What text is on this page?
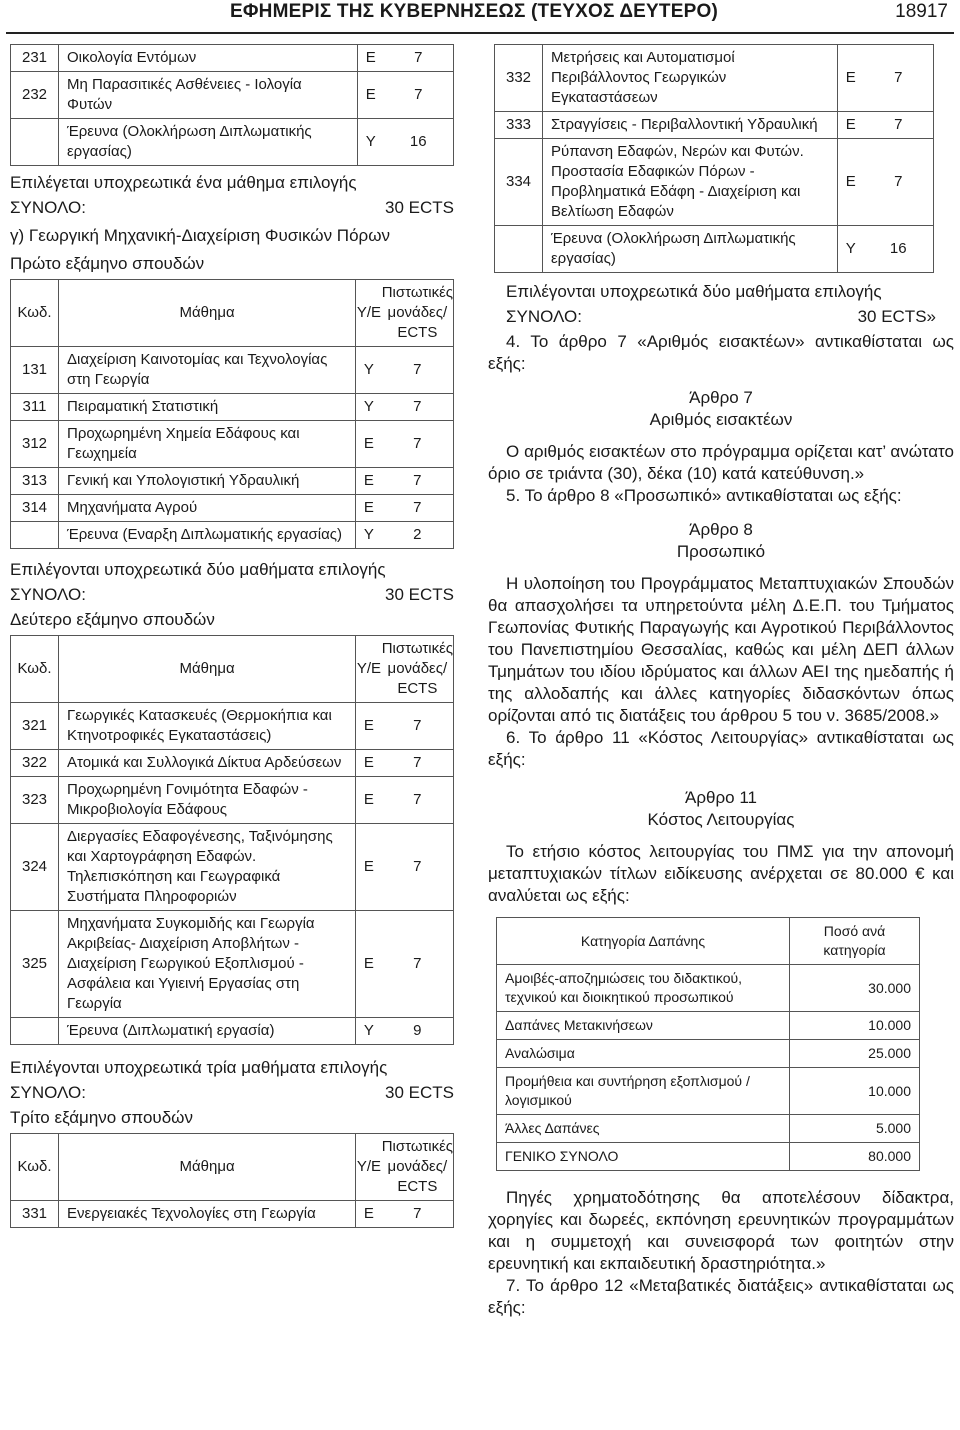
ΕΦΗΜΕΡΙΣ ΤΗΣ ΚΥΒΕΡΝΗΣΕΩΣ (ΤΕΥΧΟΣ ΔΕΥΤΕΡΟ)	18917
231	Οικολογία Εντόμων	Ε	7
232	Μη Παρασιτικές Ασθένειες - Ιολογία Φυτών	Ε	7
	Έρευνα (Ολοκλήρωση Διπλωματικής εργασίας)	Υ	16

Επιλέγεται υποχρεωτικά ένα μάθημα επιλογής

ΣΥΝΟΛΟ:	30 ECTS

γ) Γεωργική Μηχανική-Διαχείριση Φυσικών Πόρων

Πρώτο εξάμηνο σπουδών

Κωδ.	Μάθημα	Υ/Ε	Πιστωτικές μονάδες/ ECTS
131	Διαχείριση Καινοτομίας και Τεχνολογίας στη Γεωργία	Υ	7
311	Πειραματική Στατιστική	Υ	7
312	Προχωρημένη Χημεία Εδάφους και Γεωχημεία	Ε	7
313	Γενική και Υπολογιστική Υδραυλική	Ε	7
314	Μηχανήματα Αγρού	Ε	7
	Έρευνα (Εναρξη Διπλωματικής εργασίας)	Υ	2

Επιλέγονται υποχρεωτικά δύο μαθήματα επιλογής

ΣΥΝΟΛΟ:	30 ECTS

Δεύτερο εξάμηνο σπουδών

Κωδ.	Μάθημα	Υ/Ε	Πιστωτικές μονάδες/ ECTS
321	Γεωργικές Κατασκευές (Θερμοκήπια και Κτηνοτροφικές Εγκαταστάσεις)	Ε	7
322	Ατομικά και Συλλογικά Δίκτυα Αρδεύσεων	Ε	7
323	Προχωρημένη Γονιμότητα Εδαφών - Μικροβιολογία Εδάφους	Ε	7
324	Διεργασίες Εδαφογένεσης, Ταξινόμησης και Χαρτογράφηση Εδαφών. Τηλεπισκόπηση και Γεωγραφικά Συστήματα Πληροφοριών	Ε	7
325	Μηχανήματα Συγκομιδής και Γεωργία Ακριβείας- Διαχείριση Αποβλήτων - Διαχείριση Γεωργικού Εξοπλισμού - Ασφάλεια και Υγιεινή Εργασίας στη Γεωργία	Ε	7
	Έρευνα (Διπλωματική εργασία)	Υ	9

Επιλέγονται υποχρεωτικά τρία μαθήματα επιλογής

ΣΥΝΟΛΟ:	30 ECTS

Τρίτο εξάμηνο σπουδών

Κωδ.	Μάθημα	Υ/Ε	Πιστωτικές μονάδες/ ECTS
331	Ενεργειακές Τεχνολογίες στη Γεωργία	Ε	7
332	Μετρήσεις και Αυτοματισμοί Περιβάλλοντος Γεωργικών Εγκαταστάσεων	Ε	7
333	Στραγγίσεις - Περιβαλλοντική Υδραυλική	Ε	7
334	Ρύπανση Εδαφών, Νερών και Φυτών. Προστασία Εδαφικών Πόρων - Προβληματικά Εδάφη - Διαχείριση και Βελτίωση Εδαφών	Ε	7
	Έρευνα (Ολοκλήρωση Διπλωματικής εργασίας)	Υ	16

Επιλέγονται υποχρεωτικά δύο μαθήματα επιλογής

ΣΥΝΟΛΟ:	30 ECTS»

4. Το άρθρο 7 «Αριθμός εισακτέων» αντικαθίσταται ως εξής:

Άρθρο 7

Αριθμός εισακτέων

Ο αριθμός εισακτέων στο πρόγραμμα ορίζεται κατ’ ανώτατο όριο σε τριάντα (30), δέκα (10) κατά κατεύθυνση.»

5. Το άρθρο 8 «Προσωπικό» αντικαθίσταται ως εξής:

Άρθρο 8

Προσωπικό

Η υλοποίηση του Προγράμματος Μεταπτυχιακών Σπουδών θα απασχολήσει τα υπηρετούντα μέλη Δ.Ε.Π. του Τμήματος Γεωπονίας Φυτικής Παραγωγής και Αγροτικού Περιβάλλοντος του Πανεπιστημίου Θεσσαλίας, καθώς και μέλη ΔΕΠ άλλων Τμημάτων του ιδίου ιδρύματος και άλλων ΑΕΙ της ημεδαπής ή της αλλοδαπής και άλλες κατηγορίες διδασκόντων όπως ορίζονται από τις διατάξεις του άρθρου 5 του ν. 3685/2008.»

6. Το άρθρο 11 «Κόστος Λειτουργίας» αντικαθίσταται ως εξής:

Άρθρο 11

Κόστος Λειτουργίας

Το ετήσιο κόστος λειτουργίας του ΠΜΣ για την απονομή μεταπτυχιακών τίτλων ειδίκευσης ανέρχεται σε 80.000 € και αναλύεται ως εξής:

Κατηγορία Δαπάνης	Ποσό ανά κατηγορία
Αμοιβές-αποζημιώσεις του διδακτικού, τεχνικού και διοικητικού προσωπικού	30.000
Δαπάνες Μετακινήσεων	10.000
Αναλώσιμα	25.000
Προμήθεια και συντήρηση εξοπλισμού / λογισμικού	10.000
Άλλες Δαπάνες	5.000
ΓΕΝΙΚΟ ΣΥΝΟΛΟ	80.000

Πηγές χρηματοδότησης θα αποτελέσουν δίδακτρα, χορηγίες και δωρεές, εκπόνηση ερευνητικών προγραμμάτων και η συμμετοχή και συνεισφορά των φοιτητών στην ερευνητική και εκπαιδευτική δραστηριότητα.»

7. Το άρθρο 12 «Μεταβατικές διατάξεις» αντικαθίσταται ως εξής:
